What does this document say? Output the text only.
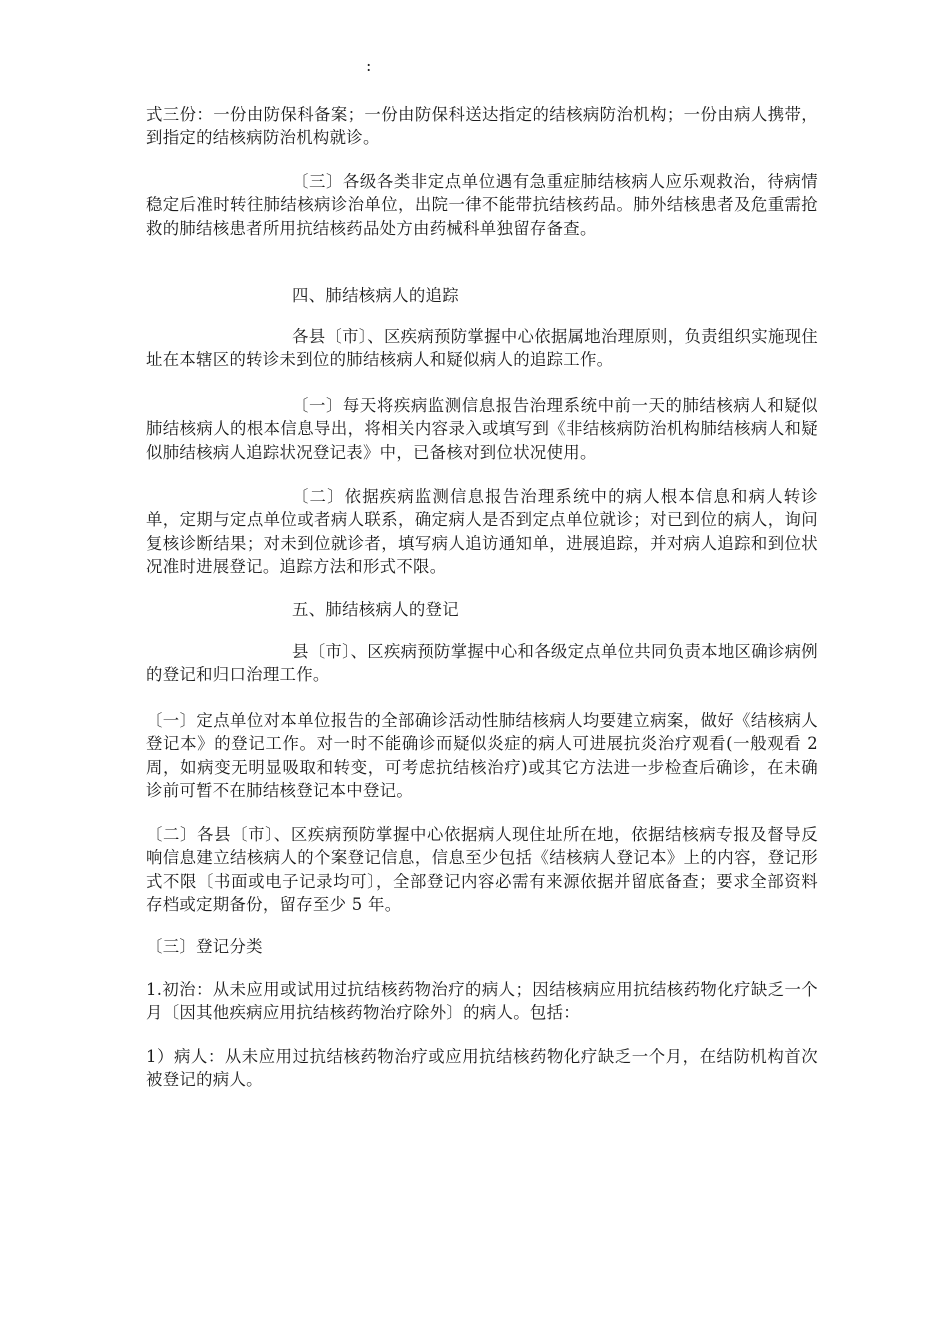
:

式三份：一份由防保科备案；一份由防保科送达指定的结核病防治机构；一份由病人携带，到指定的结核病防治机构就诊。

〔三〕各级各类非定点单位遇有急重症肺结核病人应乐观救治，待病情稳定后准时转往肺结核病诊治单位，出院一律不能带抗结核药品。肺外结核患者及危重需抢救的肺结核患者所用抗结核药品处方由药械科单独留存备查。

四、肺结核病人的追踪

各县〔市〕、区疾病预防掌握中心依据属地治理原则，负责组织实施现住址在本辖区的转诊未到位的肺结核病人和疑似病人的追踪工作。

〔一〕每天将疾病监测信息报告治理系统中前一天的肺结核病人和疑似肺结核病人的根本信息导出，将相关内容录入或填写到《非结核病防治机构肺结核病人和疑似肺结核病人追踪状况登记表》中，已备核对到位状况使用。

〔二〕依据疾病监测信息报告治理系统中的病人根本信息和病人转诊单，定期与定点单位或者病人联系，确定病人是否到定点单位就诊；对已到位的病人，询问复核诊断结果；对未到位就诊者，填写病人追访通知单，进展追踪，并对病人追踪和到位状况准时进展登记。追踪方法和形式不限。

五、肺结核病人的登记

县〔市〕、区疾病预防掌握中心和各级定点单位共同负责本地区确诊病例的登记和归口治理工作。

〔一〕定点单位对本单位报告的全部确诊活动性肺结核病人均要建立病案，做好《结核病人登记本》的登记工作。对一时不能确诊而疑似炎症的病人可进展抗炎治疗观看(一般观看 2 周，如病变无明显吸取和转变，可考虑抗结核治疗)或其它方法进一步检查后确诊，在未确诊前可暂不在肺结核登记本中登记。

〔二〕各县〔市〕、区疾病预防掌握中心依据病人现住址所在地，依据结核病专报及督导反响信息建立结核病人的个案登记信息，信息至少包括《结核病人登记本》上的内容，登记形式不限〔书面或电子记录均可〕，全部登记内容必需有来源依据并留底备查；要求全部资料存档或定期备份，留存至少 5 年。

〔三〕登记分类

1.初治：从未应用或试用过抗结核药物治疗的病人；因结核病应用抗结核药物化疗缺乏一个月〔因其他疾病应用抗结核药物治疗除外〕的病人。包括：

1）病人：从未应用过抗结核药物治疗或应用抗结核药物化疗缺乏一个月，在结防机构首次被登记的病人。
